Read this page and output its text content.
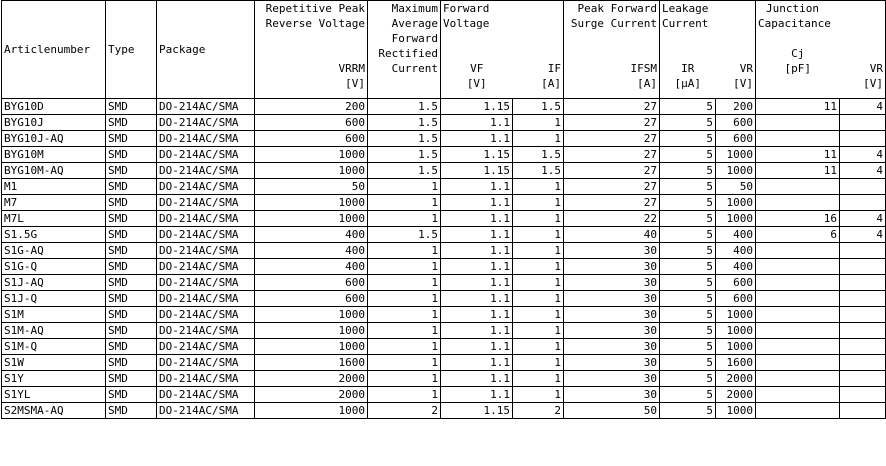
Articlenumber	Type	Package	Repetitive Peak
Reverse Voltage
VRRM
[V]	Maximum
Average
Forward
Rectified
Current	Forward
Voltage
VF
[V]	IF
[A]	Peak Forward
Surge Current
IFSM
[A]	Leakage
Current
IR
[µA]	VR
[V]	Junction
Capacitance
Cj
[pF]	VR
[V]

BYG10D	SMD	DO-214AC/SMA	200	1.5	1.15	1.5	27	5	200	11	4
BYG10J	SMD	DO-214AC/SMA	600	1.5	1.1	1	27	5	600		
BYG10J-AQ	SMD	DO-214AC/SMA	600	1.5	1.1	1	27	5	600		
BYG10M	SMD	DO-214AC/SMA	1000	1.5	1.15	1.5	27	5	1000	11	4
BYG10M-AQ	SMD	DO-214AC/SMA	1000	1.5	1.15	1.5	27	5	1000	11	4
M1	SMD	DO-214AC/SMA	50	1	1.1	1	27	5	50		
M7	SMD	DO-214AC/SMA	1000	1	1.1	1	27	5	1000		
M7L	SMD	DO-214AC/SMA	1000	1	1.1	1	22	5	1000	16	4
S1.5G	SMD	DO-214AC/SMA	400	1.5	1.1	1	40	5	400	6	4
S1G-AQ	SMD	DO-214AC/SMA	400	1	1.1	1	30	5	400		
S1G-Q	SMD	DO-214AC/SMA	400	1	1.1	1	30	5	400		
S1J-AQ	SMD	DO-214AC/SMA	600	1	1.1	1	30	5	600		
S1J-Q	SMD	DO-214AC/SMA	600	1	1.1	1	30	5	600		
S1M	SMD	DO-214AC/SMA	1000	1	1.1	1	30	5	1000		
S1M-AQ	SMD	DO-214AC/SMA	1000	1	1.1	1	30	5	1000		
S1M-Q	SMD	DO-214AC/SMA	1000	1	1.1	1	30	5	1000		
S1W	SMD	DO-214AC/SMA	1600	1	1.1	1	30	5	1600		
S1Y	SMD	DO-214AC/SMA	2000	1	1.1	1	30	5	2000		
S1YL	SMD	DO-214AC/SMA	2000	1	1.1	1	30	5	2000		
S2MSMA-AQ	SMD	DO-214AC/SMA	1000	2	1.15	2	50	5	1000		
